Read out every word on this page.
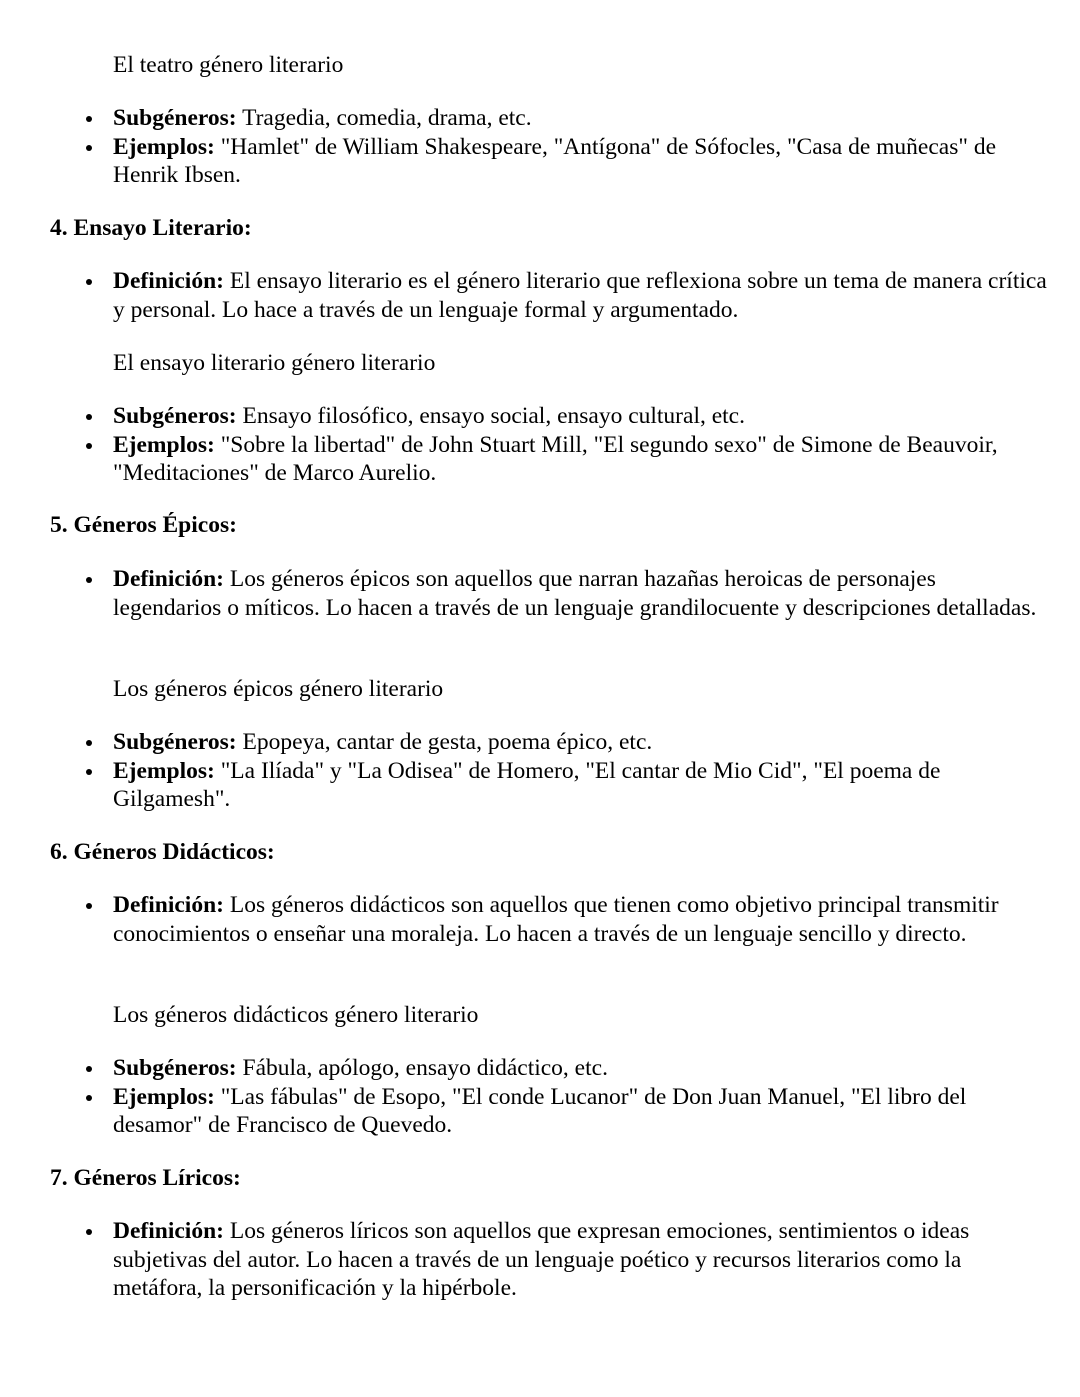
El teatro género literario

Subgéneros: Tragedia, comedia, drama, etc.
Ejemplos: "Hamlet" de William Shakespeare, "Antígona" de Sófocles, "Casa de muñecas" de Henrik Ibsen.
4. Ensayo Literario:
Definición: El ensayo literario es el género literario que reflexiona sobre un tema de manera crítica y personal. Lo hace a través de un lenguaje formal y argumentado.

El ensayo literario género literario

Subgéneros: Ensayo filosófico, ensayo social, ensayo cultural, etc.
Ejemplos: "Sobre la libertad" de John Stuart Mill, "El segundo sexo" de Simone de Beauvoir, "Meditaciones" de Marco Aurelio.
5. Géneros Épicos:
Definición: Los géneros épicos son aquellos que narran hazañas heroicas de personajes legendarios o míticos. Lo hacen a través de un lenguaje grandilocuente y descripciones detalladas.

Los géneros épicos género literario

Subgéneros: Epopeya, cantar de gesta, poema épico, etc.
Ejemplos: "La Ilíada" y "La Odisea" de Homero, "El cantar de Mio Cid", "El poema de Gilgamesh".
6. Géneros Didácticos:
Definición: Los géneros didácticos son aquellos que tienen como objetivo principal transmitir conocimientos o enseñar una moraleja. Lo hacen a través de un lenguaje sencillo y directo.

Los géneros didácticos género literario

Subgéneros: Fábula, apólogo, ensayo didáctico, etc.
Ejemplos: "Las fábulas" de Esopo, "El conde Lucanor" de Don Juan Manuel, "El libro del desamor" de Francisco de Quevedo.
7. Géneros Líricos:
Definición: Los géneros líricos son aquellos que expresan emociones, sentimientos o ideas subjetivas del autor. Lo hacen a través de un lenguaje poético y recursos literarios como la metáfora, la personificación y la hipérbole.
